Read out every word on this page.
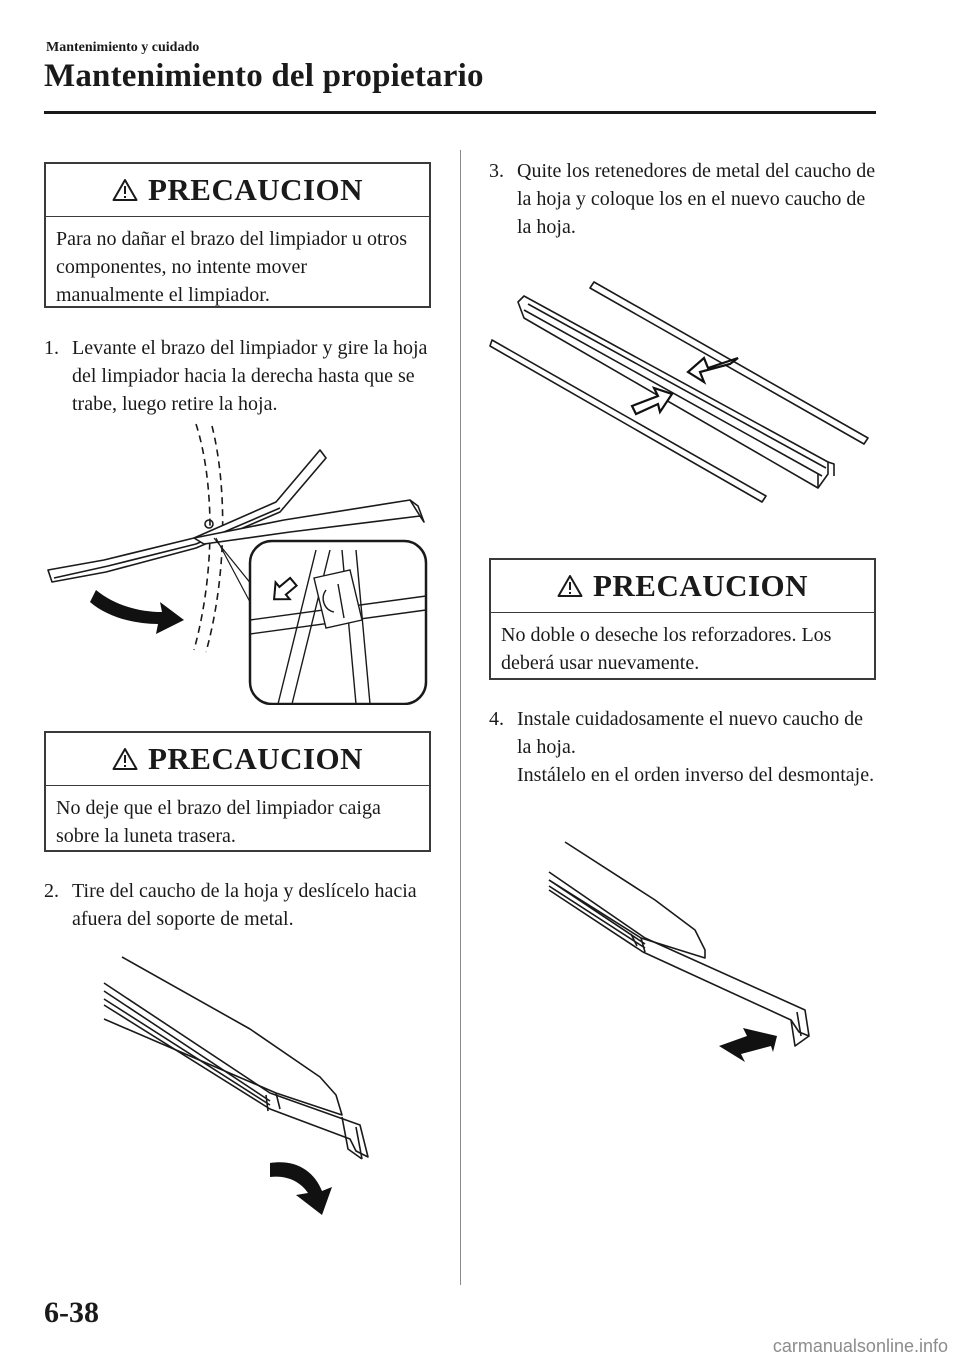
Mantenimiento y cuidado
Mantenimiento del propietario
PRECAUCION
Para no dañar el brazo del limpiador u otros componentes, no intente mover manualmente el limpiador.
1. Levante el brazo del limpiador y gire la hoja del limpiador hacia la derecha hasta que se trabe, luego retire la hoja.
PRECAUCION
No deje que el brazo del limpiador caiga sobre la luneta trasera.
2. Tire del caucho de la hoja y deslícelo hacia afuera del soporte de metal.
3. Quite los retenedores de metal del caucho de la hoja y coloque los en el nuevo caucho de la hoja.
PRECAUCION
No doble o deseche los reforzadores. Los deberá usar nuevamente.
4. Instale cuidadosamente el nuevo caucho de la hoja.
Instálelo en el orden inverso del desmontaje.
6-38
carmanualsonline.info
